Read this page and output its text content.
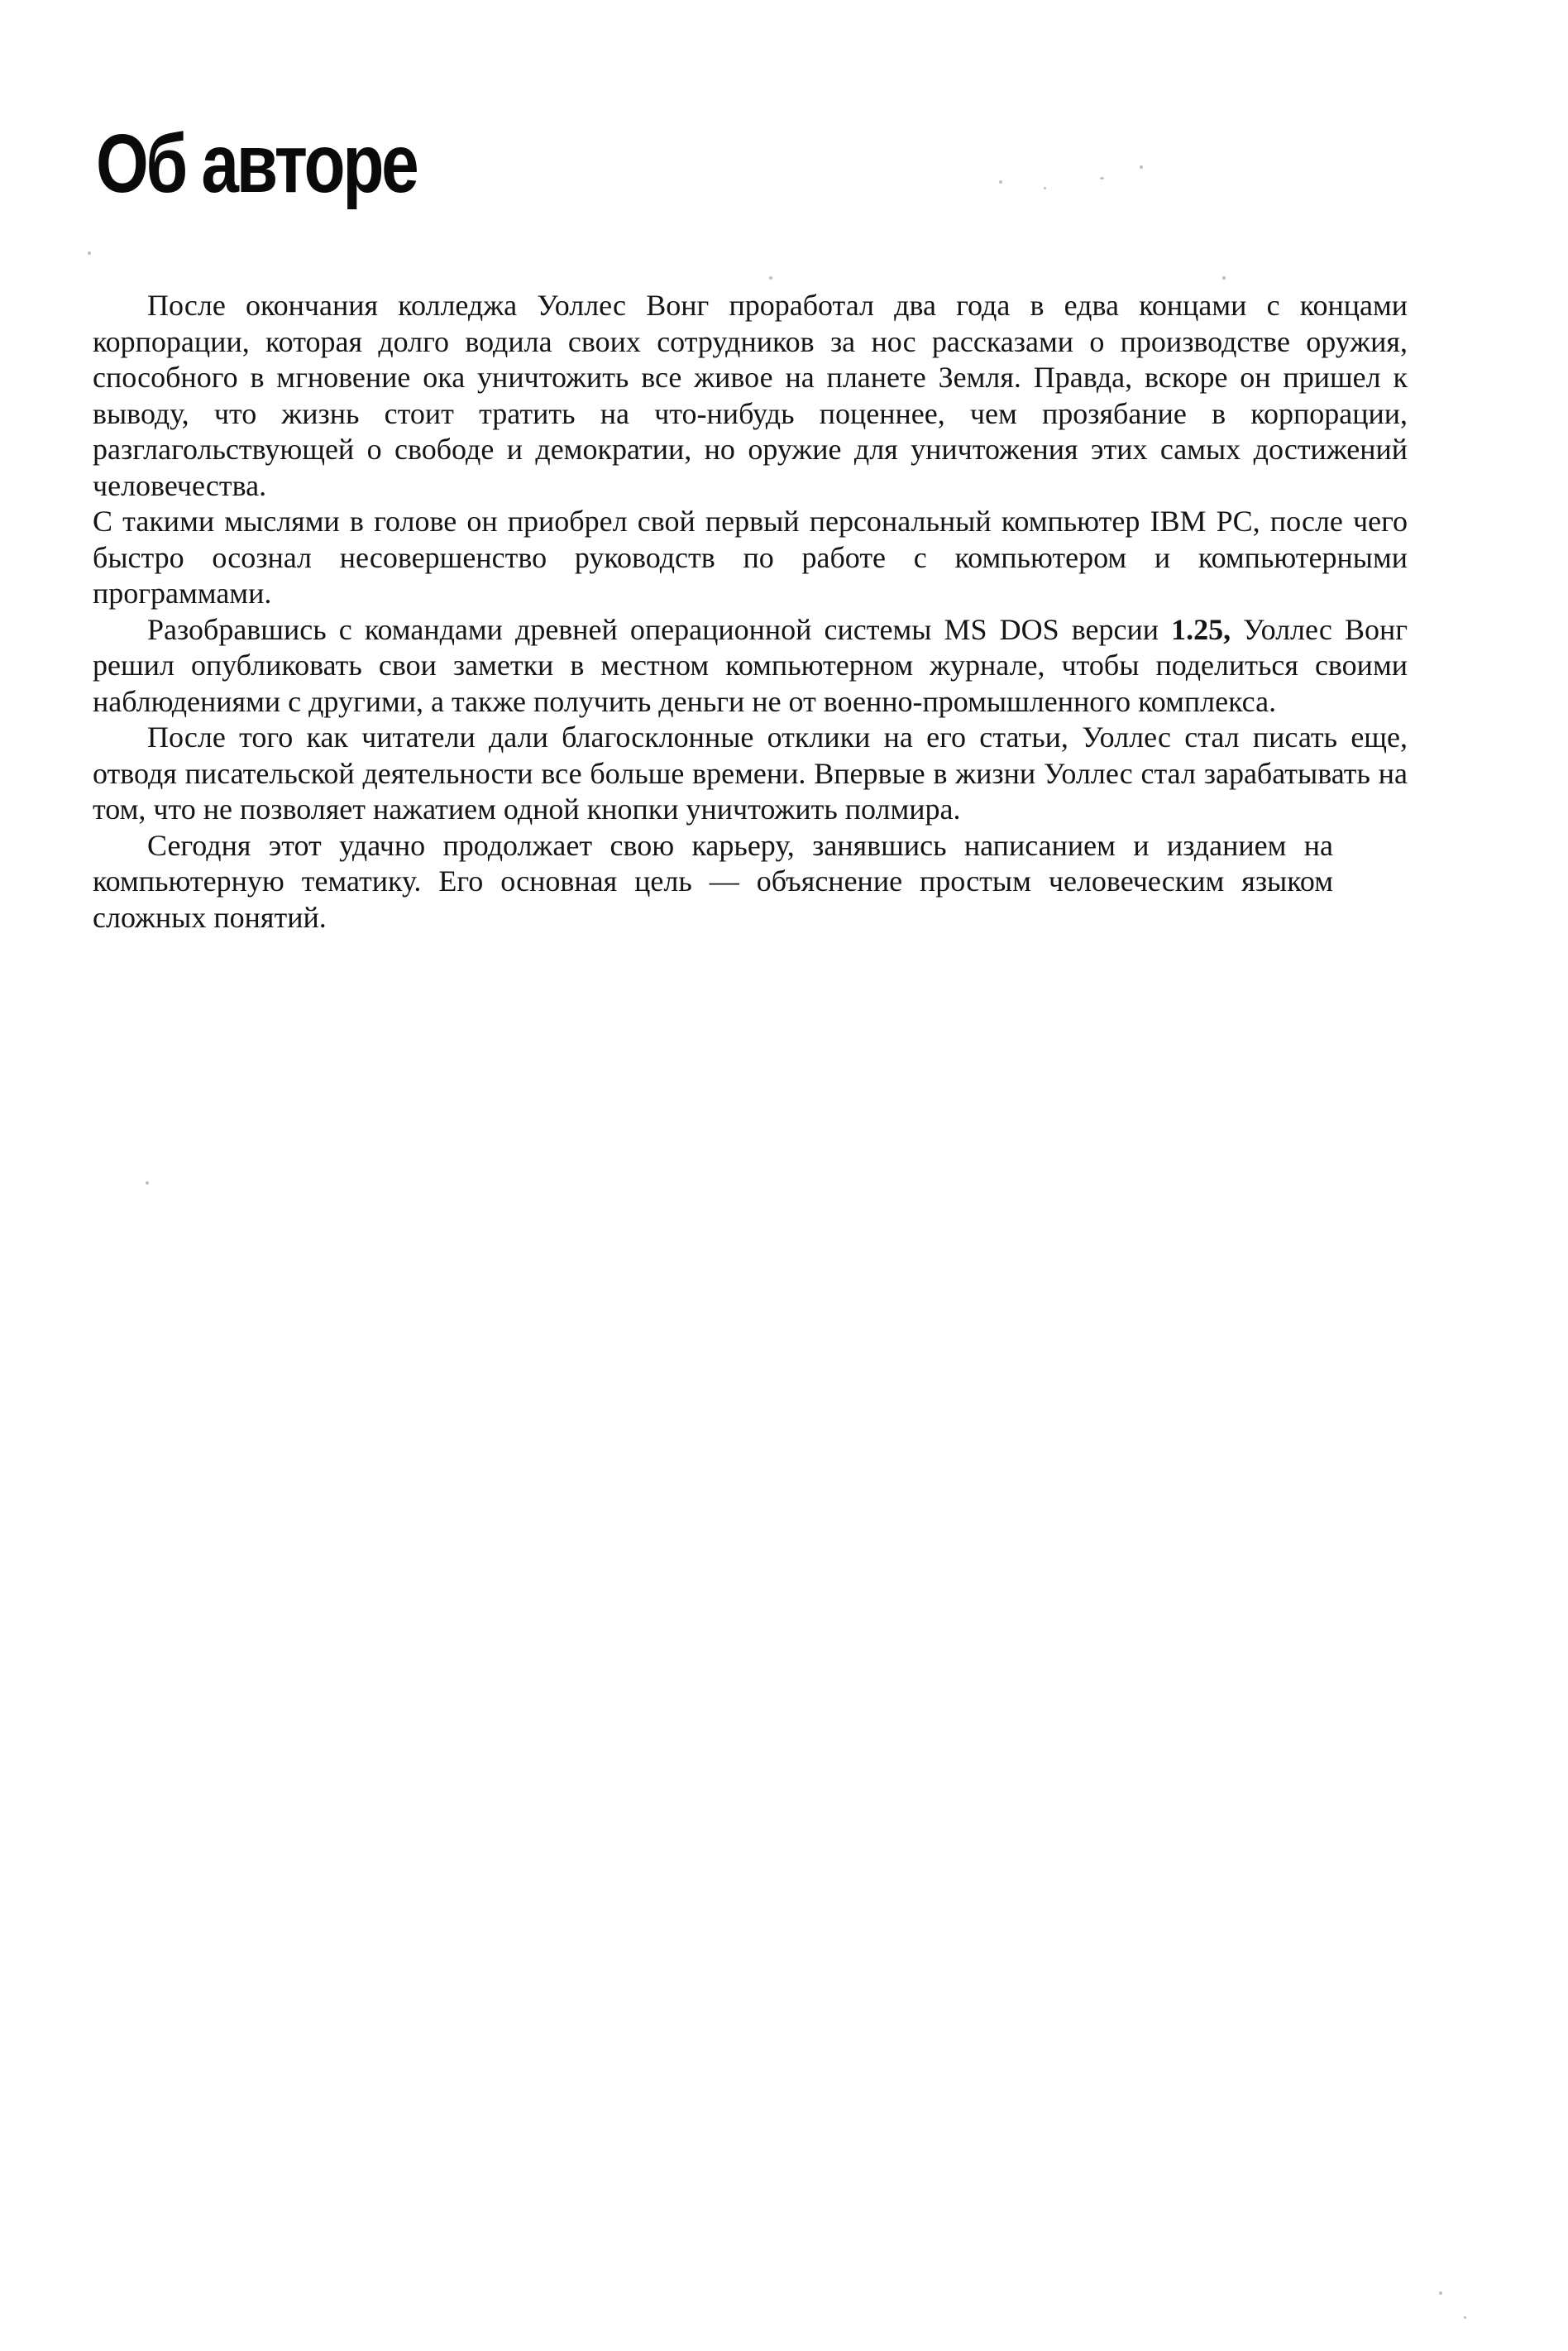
Об авторе

После окончания колледжа Уоллес Вонг проработал два года в едва концами с концами корпорации, которая долго водила своих сотрудников за нос рассказами о производстве оружия, способного в мгновение ока уничтожить все живое на планете Земля. Правда, вскоре он пришел к выводу, что жизнь стоит тратить на что-нибудь поценнее, чем прозябание в корпорации, разглагольствующей о свободе и демократии, но оружие для уничтожения этих самых достижений человечества.

С такими мыслями в голове он приобрел свой первый персональный компьютер IBM PC, после чего быстро осознал несовершенство руководств по работе с компьютером и компьютерными программами.

Разобравшись с командами древней операционной системы MS DOS версии 1.25, Уоллес Вонг решил опубликовать свои заметки в местном компьютерном журнале, чтобы поделиться своими наблюдениями с другими, а также получить деньги не от военно-промышленного комплекса.

После того как читатели дали благосклонные отклики на его статьи, Уоллес стал писать еще, отводя писательской деятельности все больше времени. Впервые в жизни Уоллес стал зарабатывать на том, что не позволяет нажатием одной кнопки уничтожить полмира.

Сегодня этот удачно продолжает свою карьеру, занявшись написанием и изданием на компьютерную тематику. Его основная цель — объяснение простым человеческим языком сложных понятий.
